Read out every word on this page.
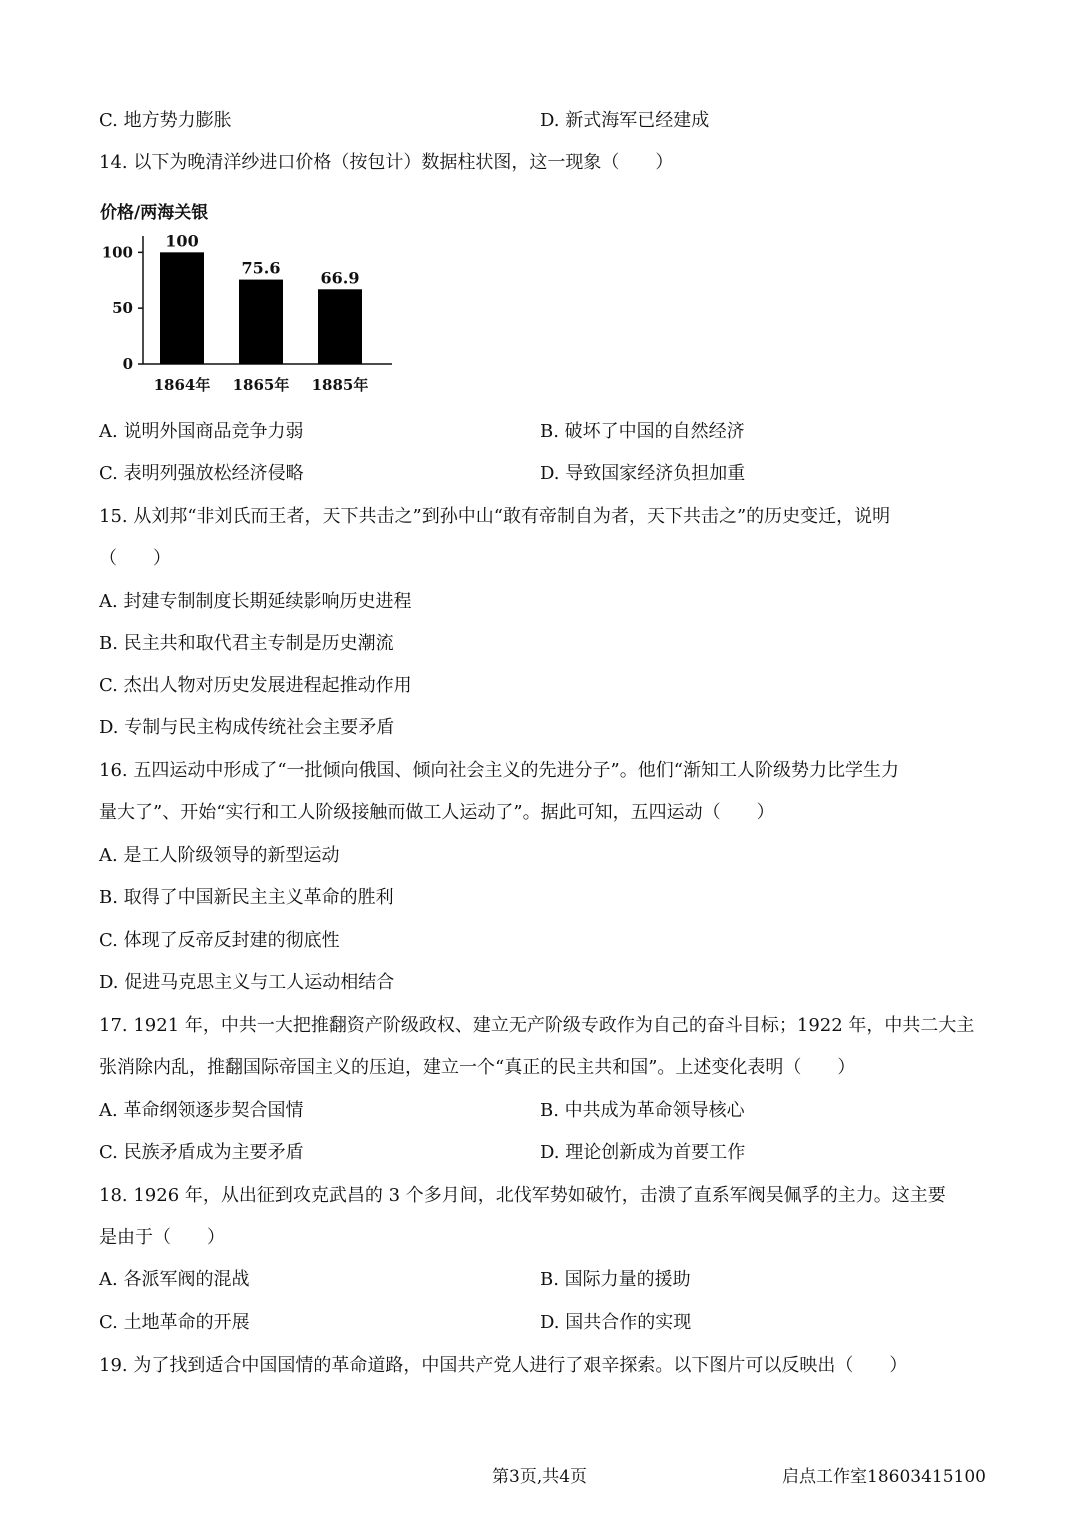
C. 地方势力膨胀	D. 新式海军已经建成
14. 以下为晚清洋纱进口价格（按包计）数据柱状图，这一现象（　　）
价格/两海关银
0
50
100
100
75.6
66.9
1864年 1865年 1885年
A. 说明外国商品竞争力弱	B. 破坏了中国的自然经济
C. 表明列强放松经济侵略	D. 导致国家经济负担加重
15. 从刘邦“非刘氏而王者，天下共击之”到孙中山“敢有帝制自为者，天下共击之”的历史变迁，说明
（　　）
A. 封建专制制度长期延续影响历史进程
B. 民主共和取代君主专制是历史潮流
C. 杰出人物对历史发展进程起推动作用
D. 专制与民主构成传统社会主要矛盾
16. 五四运动中形成了“一批倾向俄国、倾向社会主义的先进分子”。他们“渐知工人阶级势力比学生力
量大了”、开始“实行和工人阶级接触而做工人运动了”。据此可知，五四运动（　　）
A. 是工人阶级领导的新型运动
B. 取得了中国新民主主义革命的胜利
C. 体现了反帝反封建的彻底性
D. 促进马克思主义与工人运动相结合
17. 1921 年，中共一大把推翻资产阶级政权、建立无产阶级专政作为自己的奋斗目标；1922 年，中共二大主
张消除内乱，推翻国际帝国主义的压迫，建立一个“真正的民主共和国”。上述变化表明（　　）
A. 革命纲领逐步契合国情	B. 中共成为革命领导核心
C. 民族矛盾成为主要矛盾	D. 理论创新成为首要工作
18. 1926 年，从出征到攻克武昌的 3 个多月间，北伐军势如破竹，击溃了直系军阀吴佩孚的主力。这主要
是由于（　　）
A. 各派军阀的混战	B. 国际力量的援助
C. 土地革命的开展	D. 国共合作的实现
19. 为了找到适合中国国情的革命道路，中国共产党人进行了艰辛探索。以下图片可以反映出（　　）
第3页,共4页	启点工作室18603415100
